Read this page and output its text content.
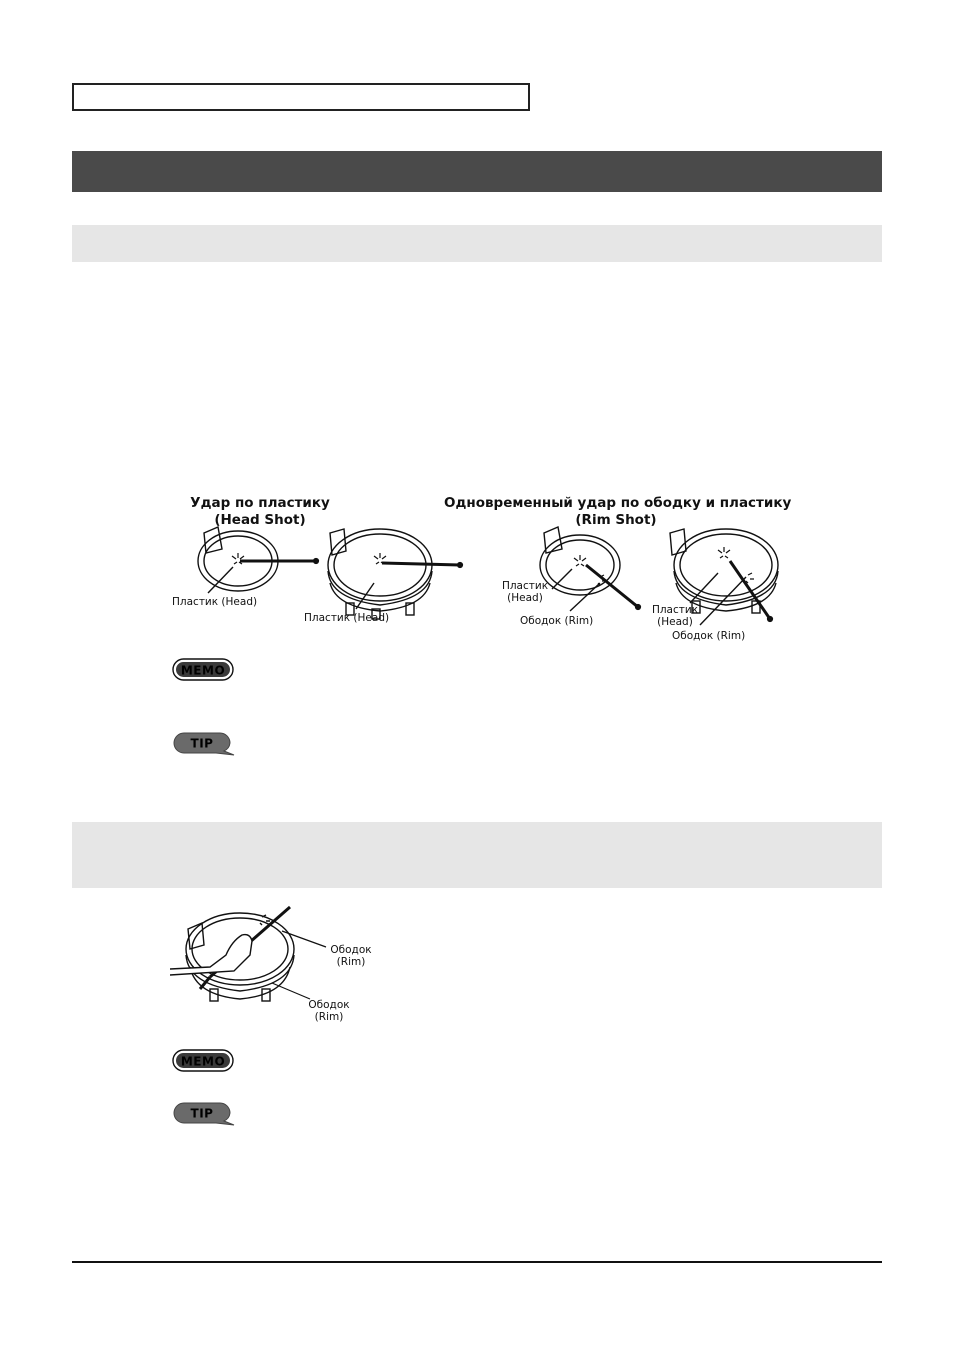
Удар по пластику
(Head Shot)
Одновременный удар по ободку и пластику
(Rim Shot)
Пластик (Head)
Пластик (Head)
Пластик
(Head)
Ободок (Rim)
Пластик
(Head)
Ободок (Rim)
MEMO
TIP
Ободок
(Rim)
Ободок
(Rim)
MEMO
TIP
